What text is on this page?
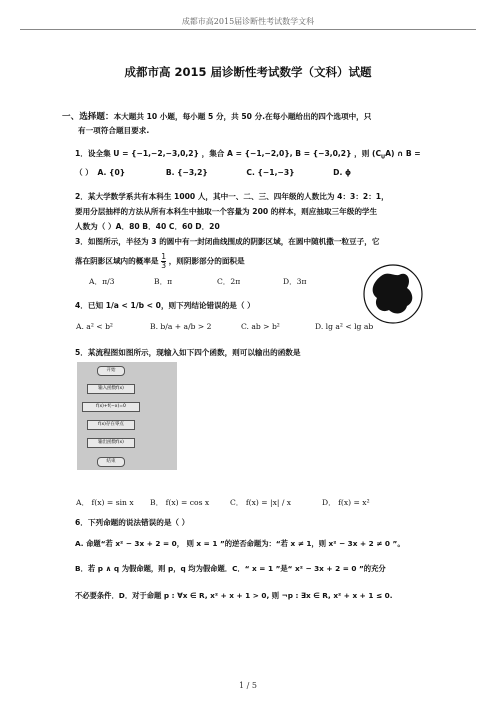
成都市高2015届诊断性考试数学文科
成都市高 2015 届诊断性考试数学（文科）试题
一、选择题：本大题共 10 小题，每小题 5 分，共 50 分.在每小题给出的四个选项中，只
有一项符合题目要求.
1．设全集 U = {−1,−2,−3,0,2} ，集合 A = {−1,−2,0}, B = {−3,0,2} ，则 $(C_UA)$ ∩ B =
（ ） A. {0}	B. {−3,2}	C. {−1,−3}	D. ϕ
2．某大学数学系共有本科生 1000 人，其中一、二、三、四年级的人数比为 4：3：2：1，
要用分层抽样的方法从所有本科生中抽取一个容量为 200 的样本，则应抽取三年级的学生
人数为（ ）A．80 B．40 C．60 D．20
3．如图所示，半径为 3 的圆中有一封闭曲线围成的阴影区域，在圆中随机撒一粒豆子，它
落在阴影区域内的概率是 $\frac{1}{3}$ ，则阴影部分的面积是
A．π/3	B．π	C．2π	D．3π
4．已知 1/a < 1/b < 0，则下列结论错误的是（ ）
A. a² < b²	B. b/a + a/b > 2	C. ab > b²	D. lg a² < lg ab
5．某流程图如图所示，现输入如下四个函数，则可以输出的函数是
开始
输入函数f(x)
f(x)+f(−x)=0
f(x)存在零点
输出函数f(x)
结束
A． f(x) = sin x B． f(x) = cos x	C． f(x) = |x| / x	D． f(x) = x²
6．下列命题的说法错误的是（ ）
A. 命题“若 x² − 3x + 2 = 0， 则 x = 1 ”的逆否命题为：“若 x ≠ 1，则 x² − 3x + 2 ≠ 0 ”。
B．若 p ∧ q 为假命题，则 p，q 均为假命题．C．“ x = 1 ”是“ x² − 3x + 2 = 0 ”的充分
不必要条件．D．对于命题 p : ∀x ∈ R, x² + x + 1 > 0, 则 ¬p : ∃x ∈ R, x² + x + 1 ≤ 0.
1 / 5
